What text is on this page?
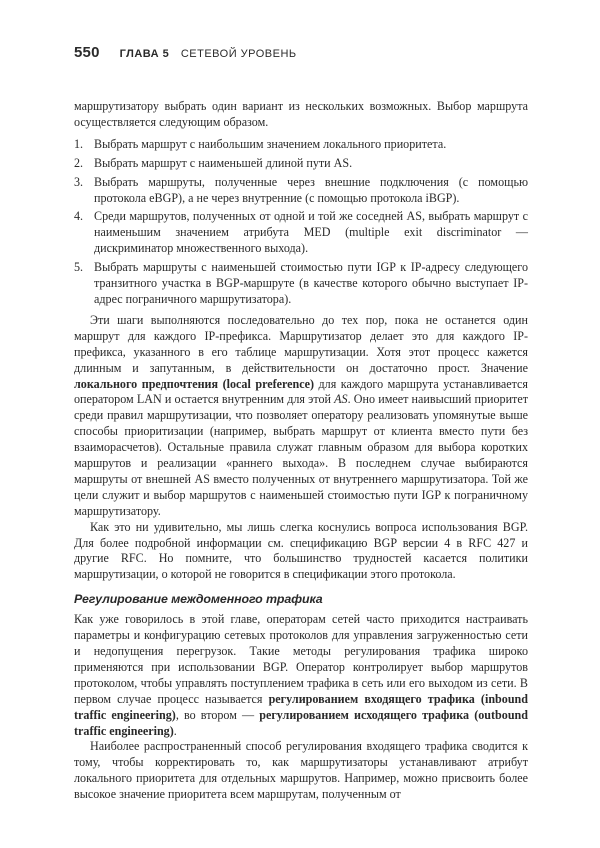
550 ГЛАВА 5 СЕТЕВОЙ УРОВЕНЬ

маршрутизатору выбрать один вариант из нескольких возможных. Выбор маршрута осуществляется следующим образом.

1. Выбрать маршрут с наибольшим значением локального приоритета.
2. Выбрать маршрут с наименьшей длиной пути AS.
3. Выбрать маршруты, полученные через внешние подключения (с помощью протокола eBGP), а не через внутренние (с помощью протокола iBGP).
4. Среди маршрутов, полученных от одной и той же соседней AS, выбрать маршрут с наименьшим значением атрибута MED (multiple exit discriminator — дискриминатор множественного выхода).
5. Выбрать маршруты с наименьшей стоимостью пути IGP к IP-адресу следующего транзитного участка в BGP-маршруте (в качестве которого обычно выступает IP-адрес пограничного маршрутизатора).

Эти шаги выполняются последовательно до тех пор, пока не останется один маршрут для каждого IP-префикса. Маршрутизатор делает это для каждого IP-префикса, указанного в его таблице маршрутизации. Хотя этот процесс кажется длинным и запутанным, в действительности он достаточно прост. Значение локального предпочтения (local preference) для каждого маршрута устанавливается оператором LAN и остается внутренним для этой AS. Оно имеет наивысший приоритет среди правил маршрутизации, что позволяет оператору реализовать упомянутые выше способы приоритизации (например, выбрать маршрут от клиента вместо пути без взаиморасчетов). Остальные правила служат главным образом для выбора коротких маршрутов и реализации «раннего выхода». В последнем случае выбираются маршруты от внешней AS вместо полученных от внутреннего маршрутизатора. Той же цели служит и выбор маршрутов с наименьшей стоимостью пути IGP к пограничному маршрутизатору.

Как это ни удивительно, мы лишь слегка коснулись вопроса использования BGP. Для более подробной информации см. спецификацию BGP версии 4 в RFC 427 и другие RFC. Но помните, что большинство трудностей касается политики маршрутизации, о которой не говорится в спецификации этого протокола.

Регулирование междоменного трафика

Как уже говорилось в этой главе, операторам сетей часто приходится настраивать параметры и конфигурацию сетевых протоколов для управления загруженностью сети и недопущения перегрузок. Такие методы регулирования трафика широко применяются при использовании BGP. Оператор контролирует выбор маршрутов протоколом, чтобы управлять поступлением трафика в сеть или его выходом из сети. В первом случае процесс называется регулированием входящего трафика (inbound traffic engineering), во втором — регулированием исходящего трафика (outbound traffic engineering).

Наиболее распространенный способ регулирования входящего трафика сводится к тому, чтобы корректировать то, как маршрутизаторы устанавливают атрибут локального приоритета для отдельных маршрутов. Например, можно присвоить более высокое значение приоритета всем маршрутам, полученным от
